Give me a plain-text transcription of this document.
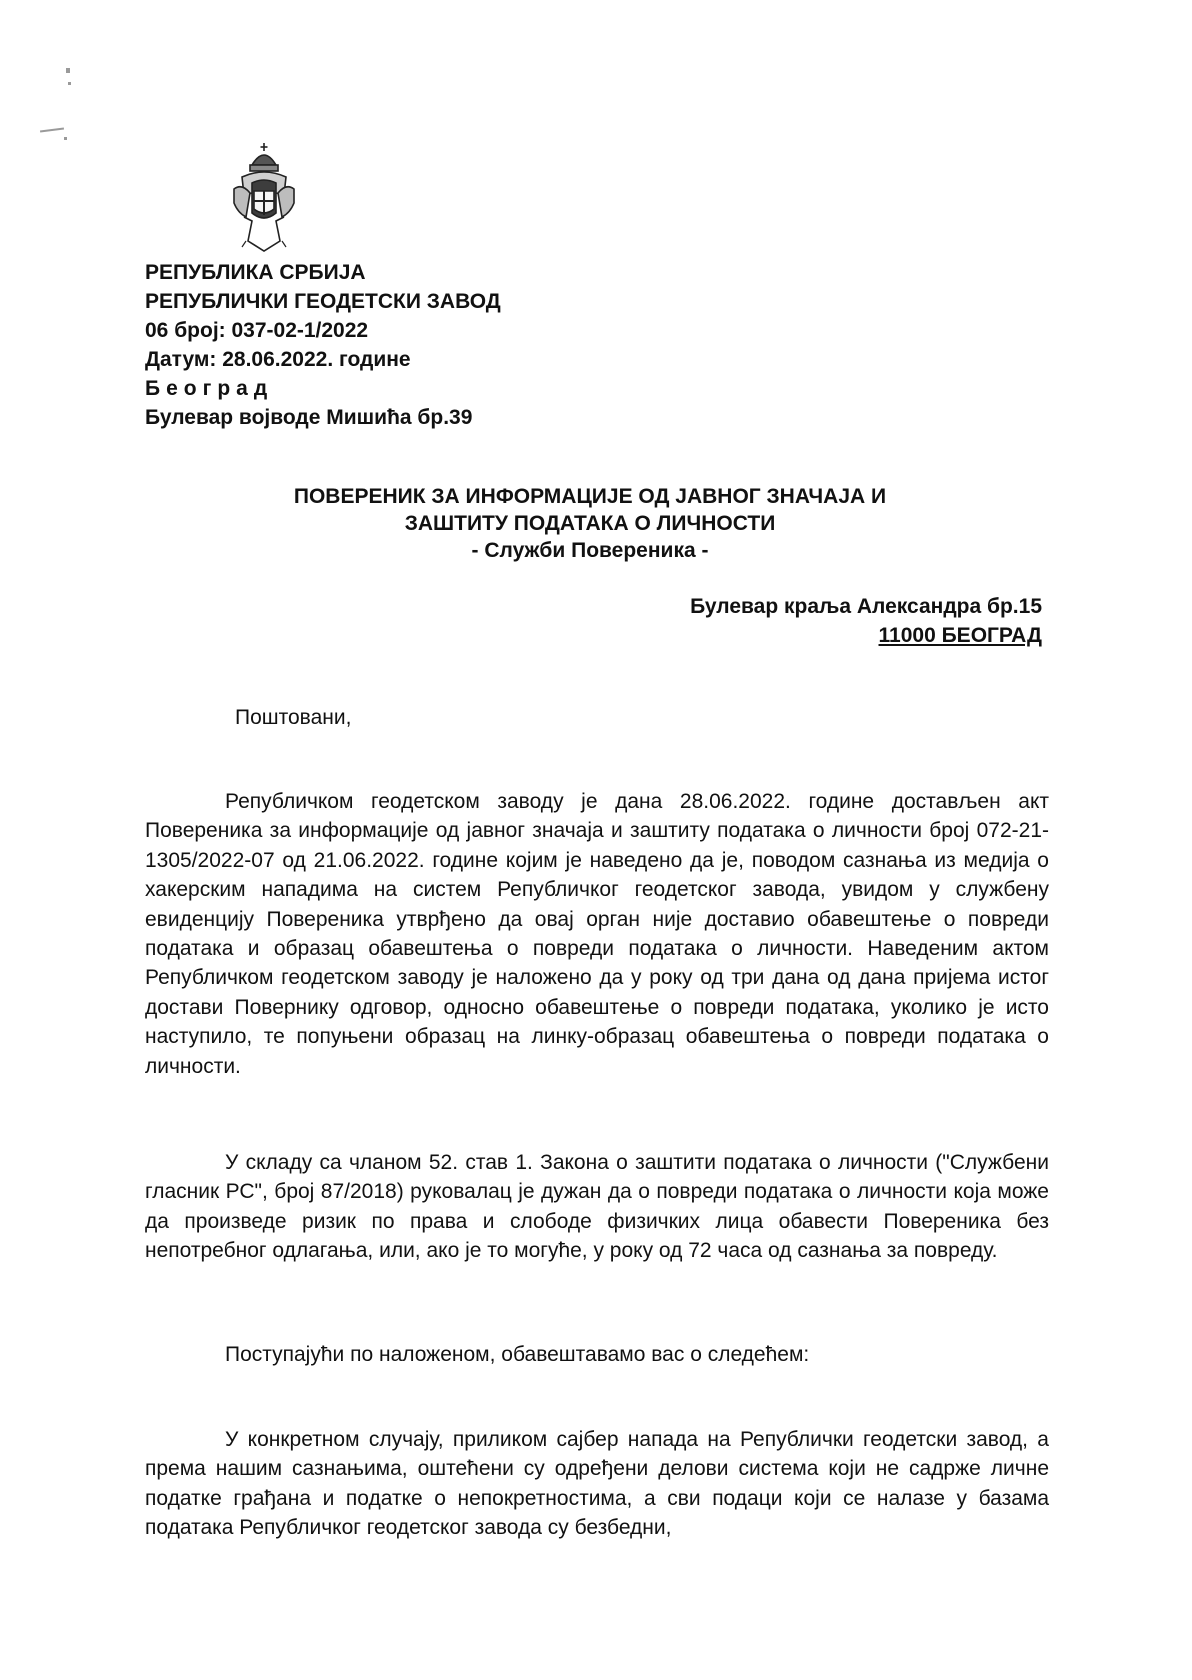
РЕПУБЛИКА СРБИЈА
РЕПУБЛИЧКИ ГЕОДЕТСКИ ЗАВОД
06 број: 037-02-1/2022
Датум: 28.06.2022. године
Београд
Булевар војводе Мишића бр.39
ПОВЕРЕНИК ЗА ИНФОРМАЦИЈЕ ОД ЈАВНОГ ЗНАЧАЈА И
ЗАШТИТУ ПОДАТАКА О ЛИЧНОСТИ
- Служби Повереника -
Булевар краља Александра бр.15
11000 БЕОГРАД
Поштовани,
Републичком геодетском заводу је дана 28.06.2022. године достављен акт Повереника за информације од јавног значаја и заштиту података о личности број 072-21-1305/2022-07 од 21.06.2022. године којим је наведено да је, поводом сазнања из медија о хакерским нападима на систем Републичког геодетског завода, увидом у службену евиденцију Повереника утврђено да овај орган није доставио обавештење о повреди података и образац обавештења о повреди података о личности. Наведеним актом Републичком геодетском заводу је наложено да у року од три дана од дана пријема истог достави Повернику одговор, односно обавештење о повреди података, уколико је исто наступило, те попуњени образац на линку-образац обавештења о повреди података о личности.
У складу са чланом 52. став 1. Закона о заштити података о личности ("Службени гласник РС", број 87/2018) руковалац је дужан да о повреди података о личности која може да произведе ризик по права и слободе физичких лица обавести Повереника без непотребног одлагања, или, ако је то могуће, у року од 72 часа од сазнања за повреду.
Поступајући по наложеном, обавештавамо вас о следећем:
У конкретном случају, приликом сајбер напада на Републички геодетски завод, а према нашим сазнањима, оштећени су одређени делови система који не садрже личне податке грађана и податке о непокретностима, а сви подаци који се налазе у базама података Републичког геодетског завода су безбедни,
